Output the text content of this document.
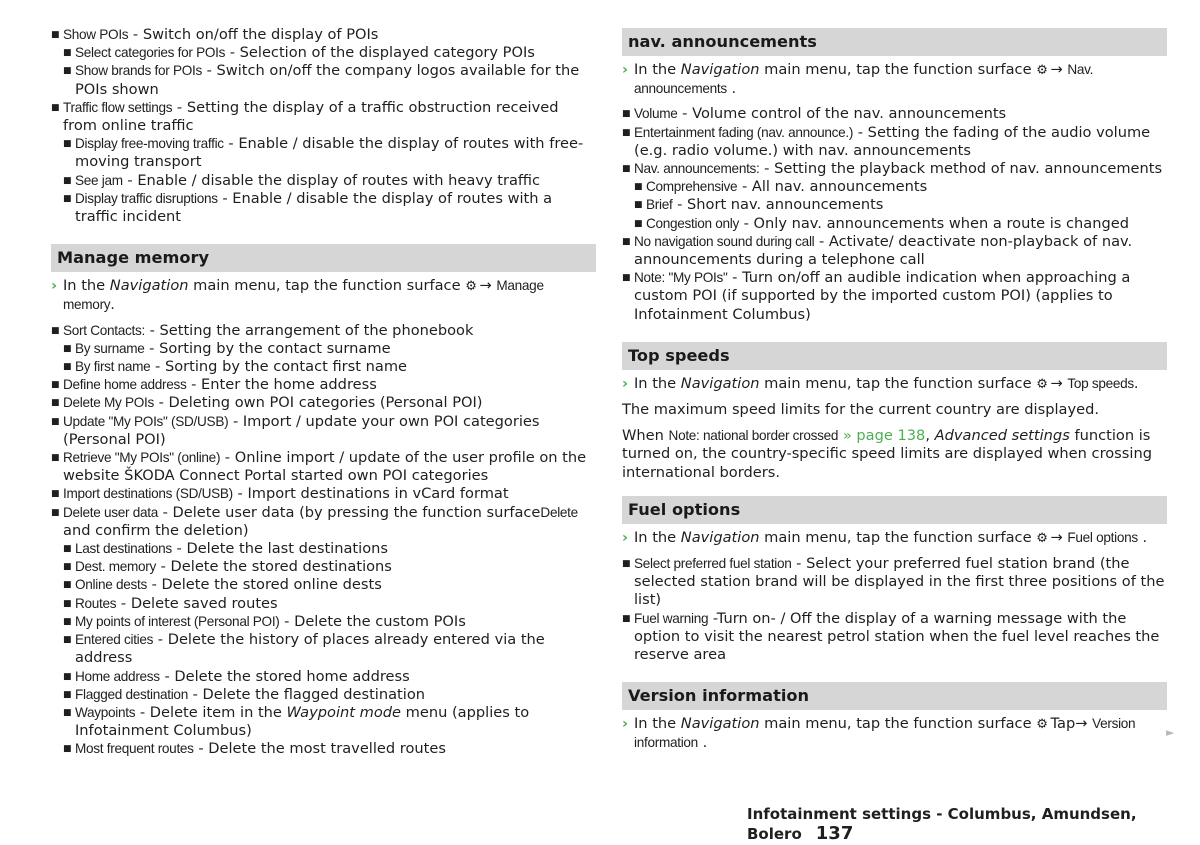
■ Show POIs - Switch on/off the display of POIs
■ Select categories for POIs - Selection of the displayed category POIs
■ Show brands for POIs - Switch on/off the company logos available for the POIs shown
■ Traffic flow settings - Setting the display of a traffic obstruction received from online traffic
■ Display free-moving traffic - Enable / disable the display of routes with free-moving transport
■ See jam - Enable / disable the display of routes with heavy traffic
■ Display traffic disruptions - Enable / disable the display of routes with a traffic incident
Manage memory
› In the Navigation main menu, tap the function surface ⚙ → Manage memory.
■ Sort Contacts: - Setting the arrangement of the phonebook
■ By surname - Sorting by the contact surname
■ By first name - Sorting by the contact first name
■ Define home address - Enter the home address
■ Delete My POIs - Deleting own POI categories (Personal POI)
■ Update "My POIs" (SD/USB) - Import / update your own POI categories (Personal POI)
■ Retrieve "My POIs" (online) - Online import / update of the user profile on the website ŠKODA Connect Portal started own POI categories
■ Import destinations (SD/USB) - Import destinations in vCard format
■ Delete user data - Delete user data (by pressing the function surfaceDelete and confirm the deletion)
■ Last destinations - Delete the last destinations
■ Dest. memory - Delete the stored destinations
■ Online dests - Delete the stored online dests
■ Routes - Delete saved routes
■ My points of interest (Personal POI) - Delete the custom POIs
■ Entered cities - Delete the history of places already entered via the address
■ Home address - Delete the stored home address
■ Flagged destination - Delete the flagged destination
■ Waypoints - Delete item in the Waypoint mode menu (applies to Infotainment Columbus)
■ Most frequent routes - Delete the most travelled routes
nav. announcements
› In the Navigation main menu, tap the function surface ⚙ → Nav. announcements .
■ Volume - Volume control of the nav. announcements
■ Entertainment fading (nav. announce.) - Setting the fading of the audio volume (e.g. radio volume.) with nav. announcements
■ Nav. announcements: - Setting the playback method of nav. announcements
■ Comprehensive - All nav. announcements
■ Brief - Short nav. announcements
■ Congestion only - Only nav. announcements when a route is changed
■ No navigation sound during call - Activate/ deactivate non-playback of nav. announcements during a telephone call
■ Note: "My POIs" - Turn on/off an audible indication when approaching a custom POI (if supported by the imported custom POI) (applies to Infotainment Columbus)
Top speeds
› In the Navigation main menu, tap the function surface ⚙ → Top speeds.
The maximum speed limits for the current country are displayed.
When Note: national border crossed » page 138, Advanced settings function is turned on, the country-specific speed limits are displayed when crossing international borders.
Fuel options
› In the Navigation main menu, tap the function surface ⚙ → Fuel options .
■ Select preferred fuel station - Select your preferred fuel station brand (the selected station brand will be displayed in the first three positions of the list)
■ Fuel warning -Turn on- / Off the display of a warning message with the option to visit the nearest petrol station when the fuel level reaches the reserve area
Version information
› In the Navigation main menu, tap the function surface ⚙ Tap→ Version information .
►
Infotainment settings - Columbus, Amundsen, Bolero 137
